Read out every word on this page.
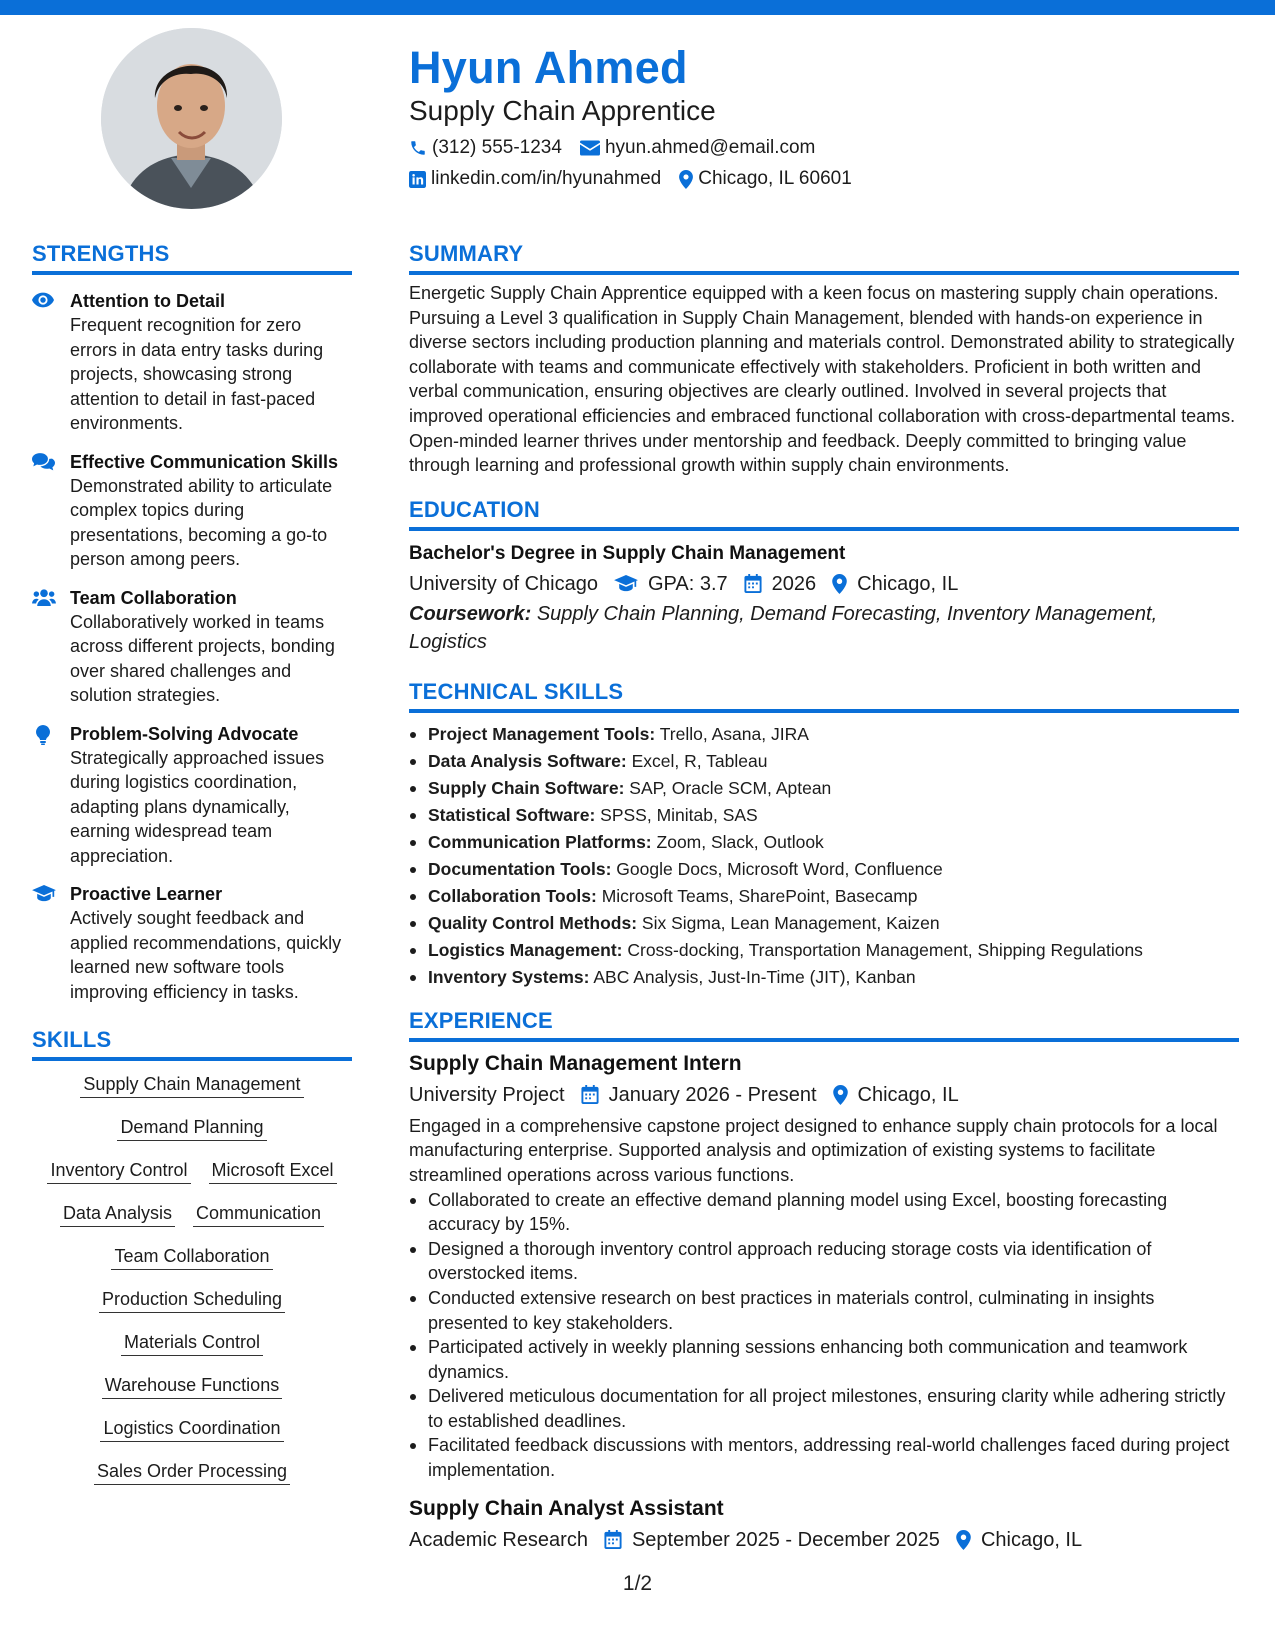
Hyun Ahmed
Supply Chain Apprentice
(312) 555-1234 hyun.ahmed@email.com
linkedin.com/in/hyunahmed Chicago, IL 60601
STRENGTHS
Attention to Detail
Frequent recognition for zero errors in data entry tasks during projects, showcasing strong attention to detail in fast-paced environments.
Effective Communication Skills
Demonstrated ability to articulate complex topics during presentations, becoming a go-to person among peers.
Team Collaboration
Collaboratively worked in teams across different projects, bonding over shared challenges and solution strategies.
Problem-Solving Advocate
Strategically approached issues during logistics coordination, adapting plans dynamically, earning widespread team appreciation.
Proactive Learner
Actively sought feedback and applied recommendations, quickly learned new software tools improving efficiency in tasks.
SKILLS
Supply Chain Management
Demand Planning
Inventory Control Microsoft Excel
Data Analysis Communication
Team Collaboration
Production Scheduling
Materials Control
Warehouse Functions
Logistics Coordination
Sales Order Processing
SUMMARY
Energetic Supply Chain Apprentice equipped with a keen focus on mastering supply chain operations. Pursuing a Level 3 qualification in Supply Chain Management, blended with hands-on experience in diverse sectors including production planning and materials control. Demonstrated ability to strategically collaborate with teams and communicate effectively with stakeholders. Proficient in both written and verbal communication, ensuring objectives are clearly outlined. Involved in several projects that improved operational efficiencies and embraced functional collaboration with cross-departmental teams. Open-minded learner thrives under mentorship and feedback. Deeply committed to bringing value through learning and professional growth within supply chain environments.
EDUCATION
Bachelor's Degree in Supply Chain Management
University of Chicago	GPA: 3.7 2026 Chicago, IL
Coursework: Supply Chain Planning, Demand Forecasting, Inventory Management, Logistics
TECHNICAL SKILLS
Project Management Tools: Trello, Asana, JIRA
Data Analysis Software: Excel, R, Tableau
Supply Chain Software: SAP, Oracle SCM, Aptean
Statistical Software: SPSS, Minitab, SAS
Communication Platforms: Zoom, Slack, Outlook
Documentation Tools: Google Docs, Microsoft Word, Confluence
Collaboration Tools: Microsoft Teams, SharePoint, Basecamp
Quality Control Methods: Six Sigma, Lean Management, Kaizen
Logistics Management: Cross-docking, Transportation Management, Shipping Regulations
Inventory Systems: ABC Analysis, Just-In-Time (JIT), Kanban
EXPERIENCE
Supply Chain Management Intern
University Project January 2026 - Present Chicago, IL
Engaged in a comprehensive capstone project designed to enhance supply chain protocols for a local manufacturing enterprise. Supported analysis and optimization of existing systems to facilitate streamlined operations across various functions.
Collaborated to create an effective demand planning model using Excel, boosting forecasting accuracy by 15%.
Designed a thorough inventory control approach reducing storage costs via identification of overstocked items.
Conducted extensive research on best practices in materials control, culminating in insights presented to key stakeholders.
Participated actively in weekly planning sessions enhancing both communication and teamwork dynamics.
Delivered meticulous documentation for all project milestones, ensuring clarity while adhering strictly to established deadlines.
Facilitated feedback discussions with mentors, addressing real-world challenges faced during project implementation.
Supply Chain Analyst Assistant
Academic Research September 2025 - December 2025 Chicago, IL
1/2
